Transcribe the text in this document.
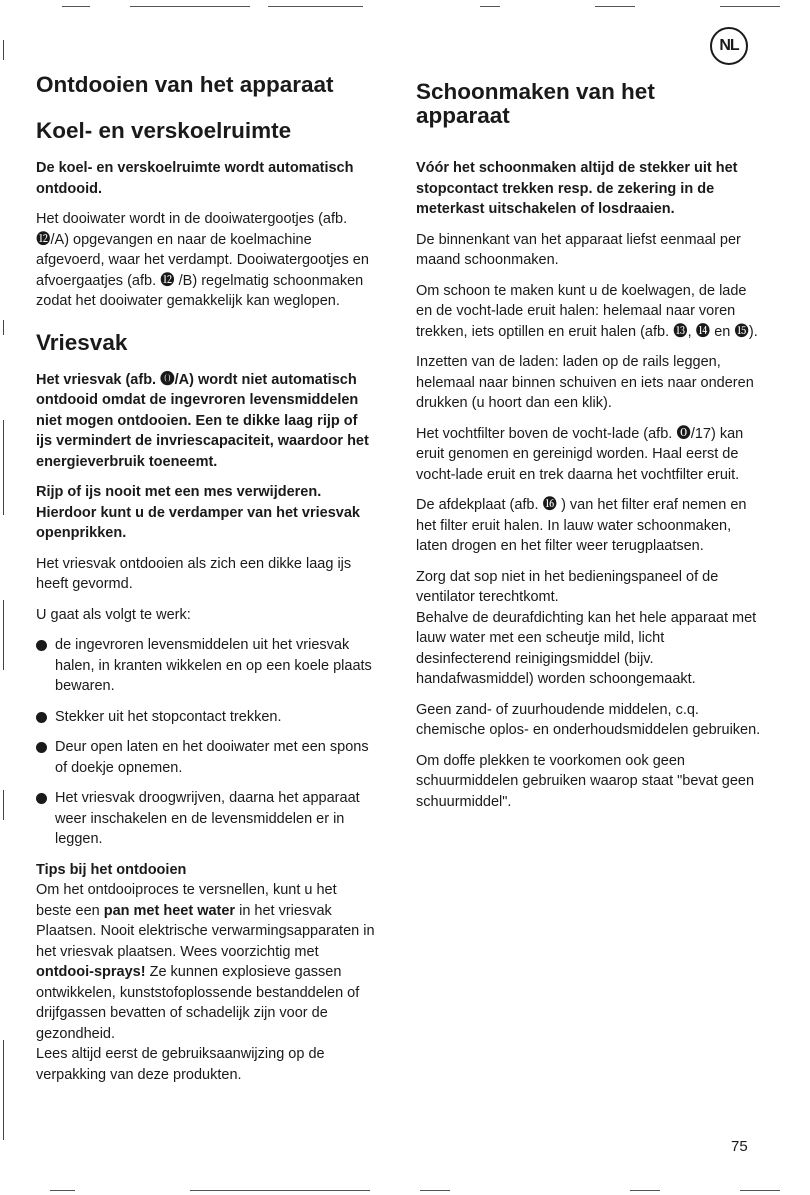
NL
Ontdooien van het apparaat
Koel- en verskoelruimte

De koel- en verskoelruimte wordt automatisch ontdooid.

Het dooiwater wordt in de dooiwatergootjes (afb. ⓬/A) opgevangen en naar de koelmachine afgevoerd, waar het verdampt. Dooiwatergootjes en afvoergaatjes (afb. ⓬ /B) regelmatig schoonmaken zodat het dooiwater gemakkelijk kan weglopen.

Vriesvak

Het vriesvak (afb. ⓿/A) wordt niet automatisch ontdooid omdat de ingevroren levensmiddelen niet mogen ontdooien. Een te dikke laag rijp of ijs vermindert de invriescapaciteit, waardoor het energieverbruik toeneemt.

Rijp of ijs nooit met een mes verwijderen. Hierdoor kunt u de verdamper van het vriesvak openprikken.

Het vriesvak ontdooien als zich een dikke laag ijs heeft gevormd.

U gaat als volgt te werk:

de ingevroren levensmiddelen uit het vriesvak halen, in kranten wikkelen en op een koele plaats bewaren.
Stekker uit het stopcontact trekken.
Deur open laten en het dooiwater met een spons of doekje opnemen.
Het vriesvak droogwrijven, daarna het apparaat weer inschakelen en de levensmiddelen er in leggen.
Tips bij het ontdooien
Om het ontdooiproces te versnellen, kunt u het beste een pan met heet water in het vriesvak Plaatsen. Nooit elektrische verwarmingsapparaten in het vriesvak plaatsen. Wees voorzichtig met ontdooi-sprays! Ze kunnen explosieve gassen ontwikkelen, kunststofoplossende bestanddelen of drijfgassen bevatten of schadelijk zijn voor de gezondheid.
Lees altijd eerst de gebruiksaanwijzing op de verpakking van deze produkten.
Schoonmaken van het apparaat

Vóór het schoonmaken altijd de stekker uit het stopcontact trekken resp. de zekering in de meterkast uitschakelen of losdraaien.

De binnenkant van het apparaat liefst eenmaal per maand schoonmaken.

Om schoon te maken kunt u de koelwagen, de lade en de vocht-lade eruit halen: helemaal naar voren trekken, iets optillen en eruit halen (afb. ⓭, ⓮ en ⓯).

Inzetten van de laden: laden op de rails leggen, helemaal naar binnen schuiven en iets naar onderen drukken (u hoort dan een klik).

Het vochtfilter boven de vocht-lade (afb. ⓿/17) kan eruit genomen en gereinigd worden. Haal eerst de vocht-lade eruit en trek daarna het vochtfilter eruit.

De afdekplaat (afb. ⓰ ) van het filter eraf nemen en het filter eruit halen. In lauw water schoonmaken, laten drogen en het filter weer terugplaatsen.

Zorg dat sop niet in het bedieningspaneel of de ventilator terechtkomt.
Behalve de deurafdichting kan het hele apparaat met lauw water met een scheutje mild, licht desinfecterend reinigingsmiddel (bijv. handafwasmiddel) worden schoongemaakt.

Geen zand- of zuurhoudende middelen, c.q. chemische oplos- en onderhoudsmiddelen gebruiken.

Om doffe plekken te voorkomen ook geen schuurmiddelen gebruiken waarop staat "bevat geen schuurmiddel".

75
